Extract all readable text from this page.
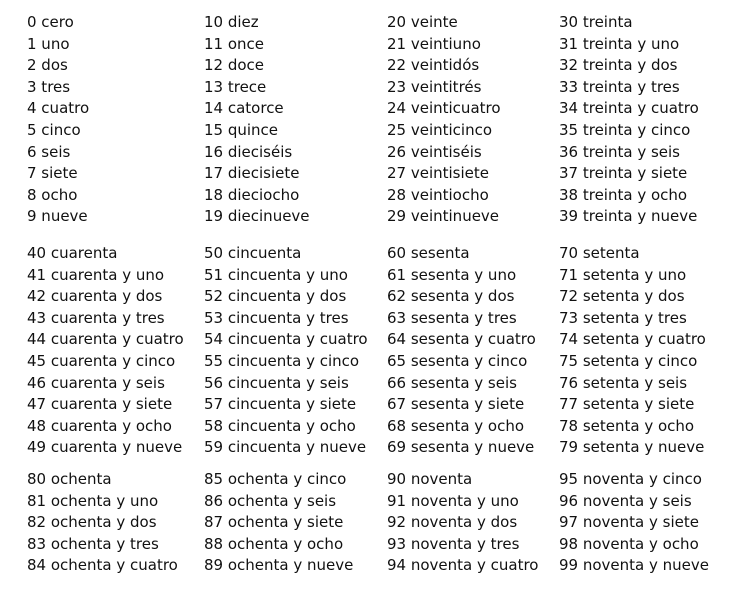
0 cero
1 uno
2 dos
3 tres
4 cuatro
5 cinco
6 seis
7 siete
8 ocho
9 nueve
10 diez
11 once
12 doce
13 trece
14 catorce
15 quince
16 dieciséis
17 diecisiete
18 dieciocho
19 diecinueve
20 veinte
21 veintiuno
22 veintidós
23 veintitrés
24 veinticuatro
25 veinticinco
26 veintiséis
27 veintisiete
28 veintiocho
29 veintinueve
30 treinta
31 treinta y uno
32 treinta y dos
33 treinta y tres
34 treinta y cuatro
35 treinta y cinco
36 treinta y seis
37 treinta y siete
38 treinta y ocho
39 treinta y nueve
40 cuarenta
41 cuarenta y uno
42 cuarenta y dos
43 cuarenta y tres
44 cuarenta y cuatro
45 cuarenta y cinco
46 cuarenta y seis
47 cuarenta y siete
48 cuarenta y ocho
49 cuarenta y nueve
50 cincuenta
51 cincuenta y uno
52 cincuenta y dos
53 cincuenta y tres
54 cincuenta y cuatro
55 cincuenta y cinco
56 cincuenta y seis
57 cincuenta y siete
58 cincuenta y ocho
59 cincuenta y nueve
60 sesenta
61 sesenta y uno
62 sesenta y dos
63 sesenta y tres
64 sesenta y cuatro
65 sesenta y cinco
66 sesenta y seis
67 sesenta y siete
68 sesenta y ocho
69 sesenta y nueve
70 setenta
71 setenta y uno
72 setenta y dos
73 setenta y tres
74 setenta y cuatro
75 setenta y cinco
76 setenta y seis
77 setenta y siete
78 setenta y ocho
79 setenta y nueve
80 ochenta
81 ochenta y uno
82 ochenta y dos
83 ochenta y tres
84 ochenta y cuatro
85 ochenta y cinco
86 ochenta y seis
87 ochenta y siete
88 ochenta y ocho
89 ochenta y nueve
90 noventa
91 noventa y uno
92 noventa y dos
93 noventa y tres
94 noventa y cuatro
95 noventa y cinco
96 noventa y seis
97 noventa y siete
98 noventa y ocho
99 noventa y nueve
